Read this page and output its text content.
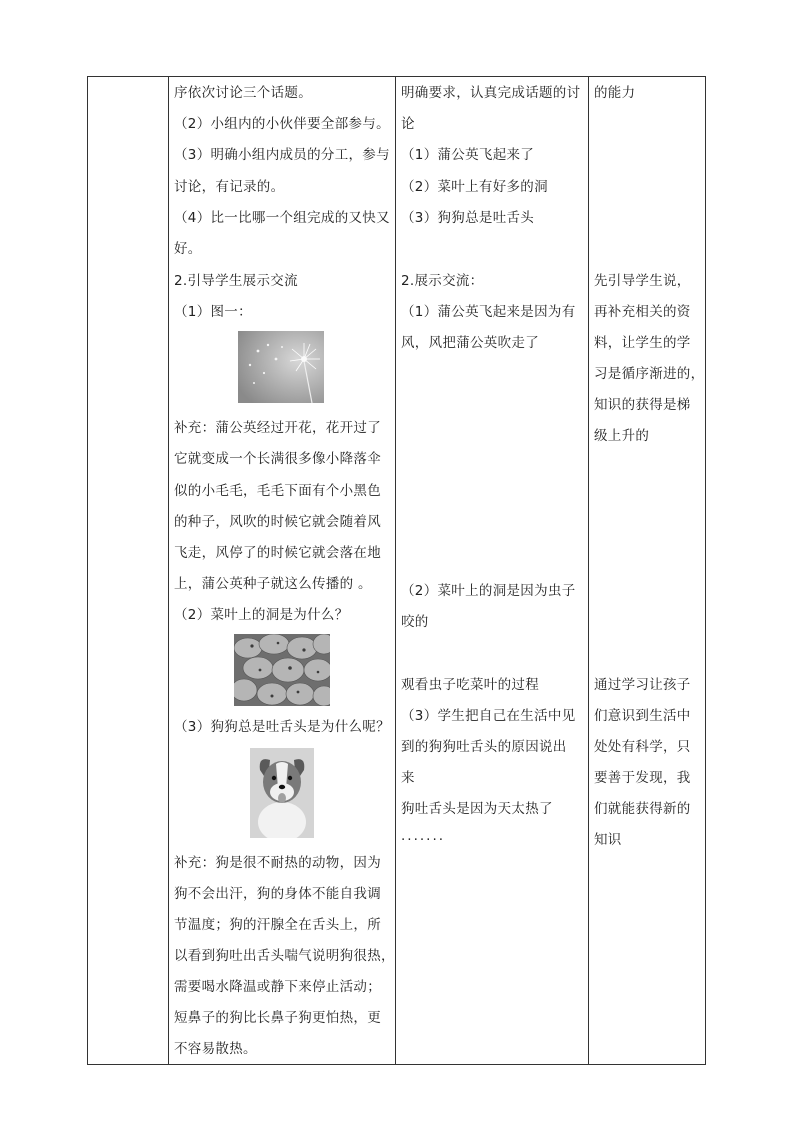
序依次讨论三个话题。
（2）小组内的小伙伴要全部参与。
（3）明确小组内成员的分工，参与
讨论，有记录的。
（4）比一比哪一个组完成的又快又
好。
2.引导学生展示交流
（1）图一：
补充：蒲公英经过开花，花开过了
它就变成一个长满很多像小降落伞
似的小毛毛，毛毛下面有个小黑色
的种子，风吹的时候它就会随着风
飞走，风停了的时候它就会落在地
上，蒲公英种子就这么传播的 。
（2）菜叶上的洞是为什么？
（3）狗狗总是吐舌头是为什么呢？
补充：狗是很不耐热的动物，因为
狗不会出汗，狗的身体不能自我调
节温度；狗的汗腺全在舌头上，所
以看到狗吐出舌头喘气说明狗很热，
需要喝水降温或静下来停止活动；
短鼻子的狗比长鼻子狗更怕热，更
不容易散热。
明确要求，认真完成话题的讨
论
（1）蒲公英飞起来了
（2）菜叶上有好多的洞
（3）狗狗总是吐舌头
2.展示交流：
（1）蒲公英飞起来是因为有
风，风把蒲公英吹走了
（2）菜叶上的洞是因为虫子
咬的
观看虫子吃菜叶的过程
（3）学生把自己在生活中见
到的狗狗吐舌头的原因说出
来
狗吐舌头是因为天太热了
·······
的能力
先引导学生说，
再补充相关的资
料，让学生的学
习是循序渐进的，
知识的获得是梯
级上升的
通过学习让孩子
们意识到生活中
处处有科学，只
要善于发现，我
们就能获得新的
知识
